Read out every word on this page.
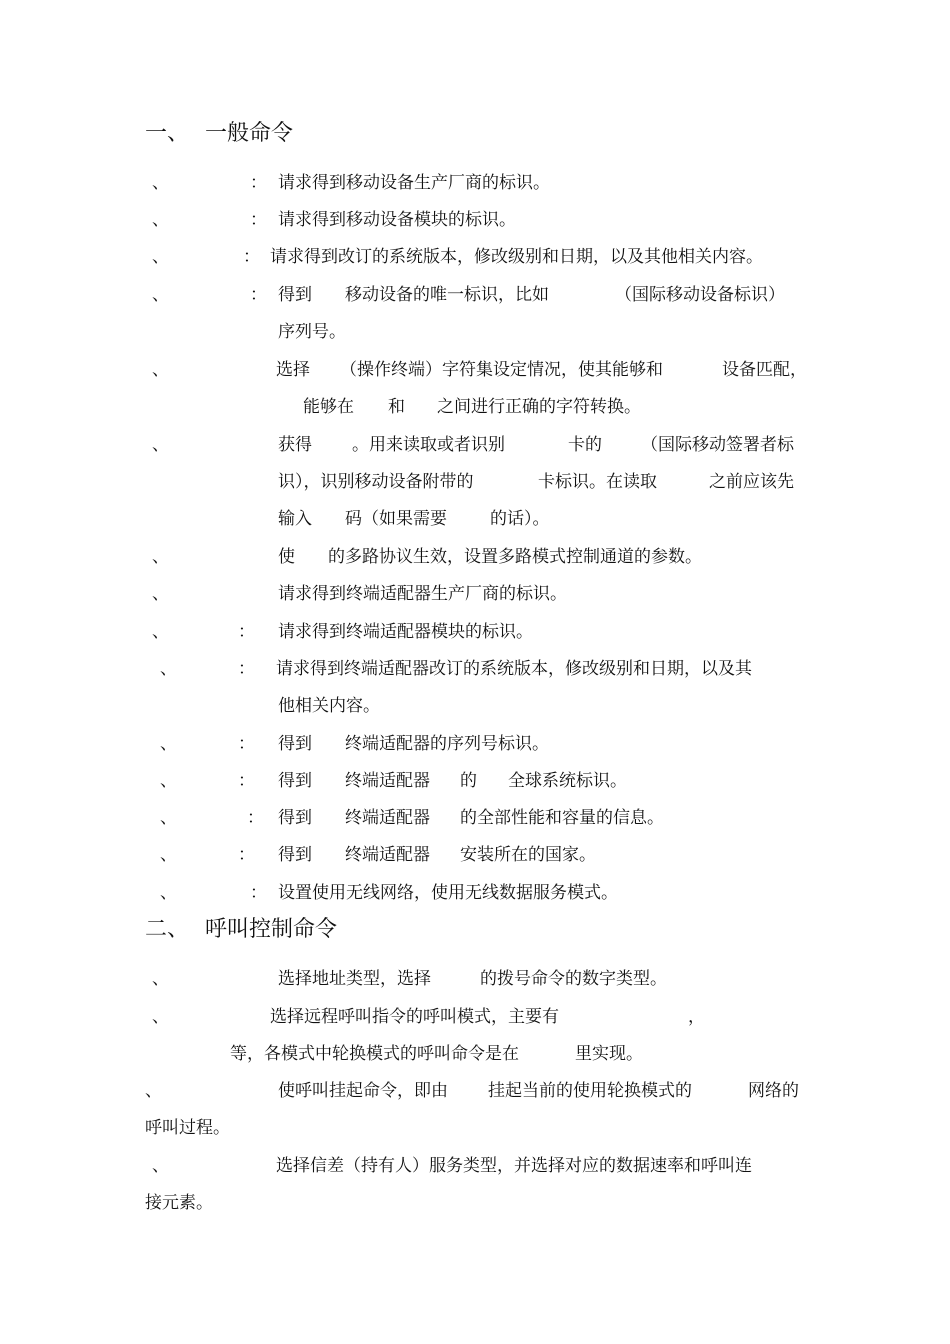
一、 一般命令
、	： 请求得到移动设备生产厂商的标识。
、	： 请求得到移动设备模块的标识。
、	： 请求得到改订的系统版本，修改级别和日期，以及其他相关内容。
、	： 得到 移动设备的唯一标识，比如	（国际移动设备标识）
序列号。
、	选择 （操作终端）字符集设定情况，使其能够和	设备匹配，
能够在 和 之间进行正确的字符转换。
、	获得 。用来读取或者识别	卡的 （国际移动签署者标
识），识别移动设备附带的	卡标识。在读取	之前应该先
输入 码（如果需要	的话）。
、	使 的多路协议生效，设置多路模式控制通道的参数。
、	请求得到终端适配器生产厂商的标识。
、	： 请求得到终端适配器模块的标识。
、	： 请求得到终端适配器改订的系统版本，修改级别和日期，以及其
他相关内容。
、	： 得到 终端适配器的序列号标识。
、	： 得到 终端适配器 的 全球系统标识。
、	： 得到 终端适配器 的全部性能和容量的信息。
、	： 得到 终端适配器 安装所在的国家。
、	： 设置使用无线网络，使用无线数据服务模式。
二、 呼叫控制命令
、	选择地址类型，选择	的拨号命令的数字类型。
、	选择远程呼叫指令的呼叫模式，主要有	，
等，各模式中轮换模式的呼叫命令是在	里实现。
、	使呼叫挂起命令，即由 挂起当前的使用轮换模式的	网络的
呼叫过程。
、	选择信差（持有人）服务类型，并选择对应的数据速率和呼叫连
接元素。
